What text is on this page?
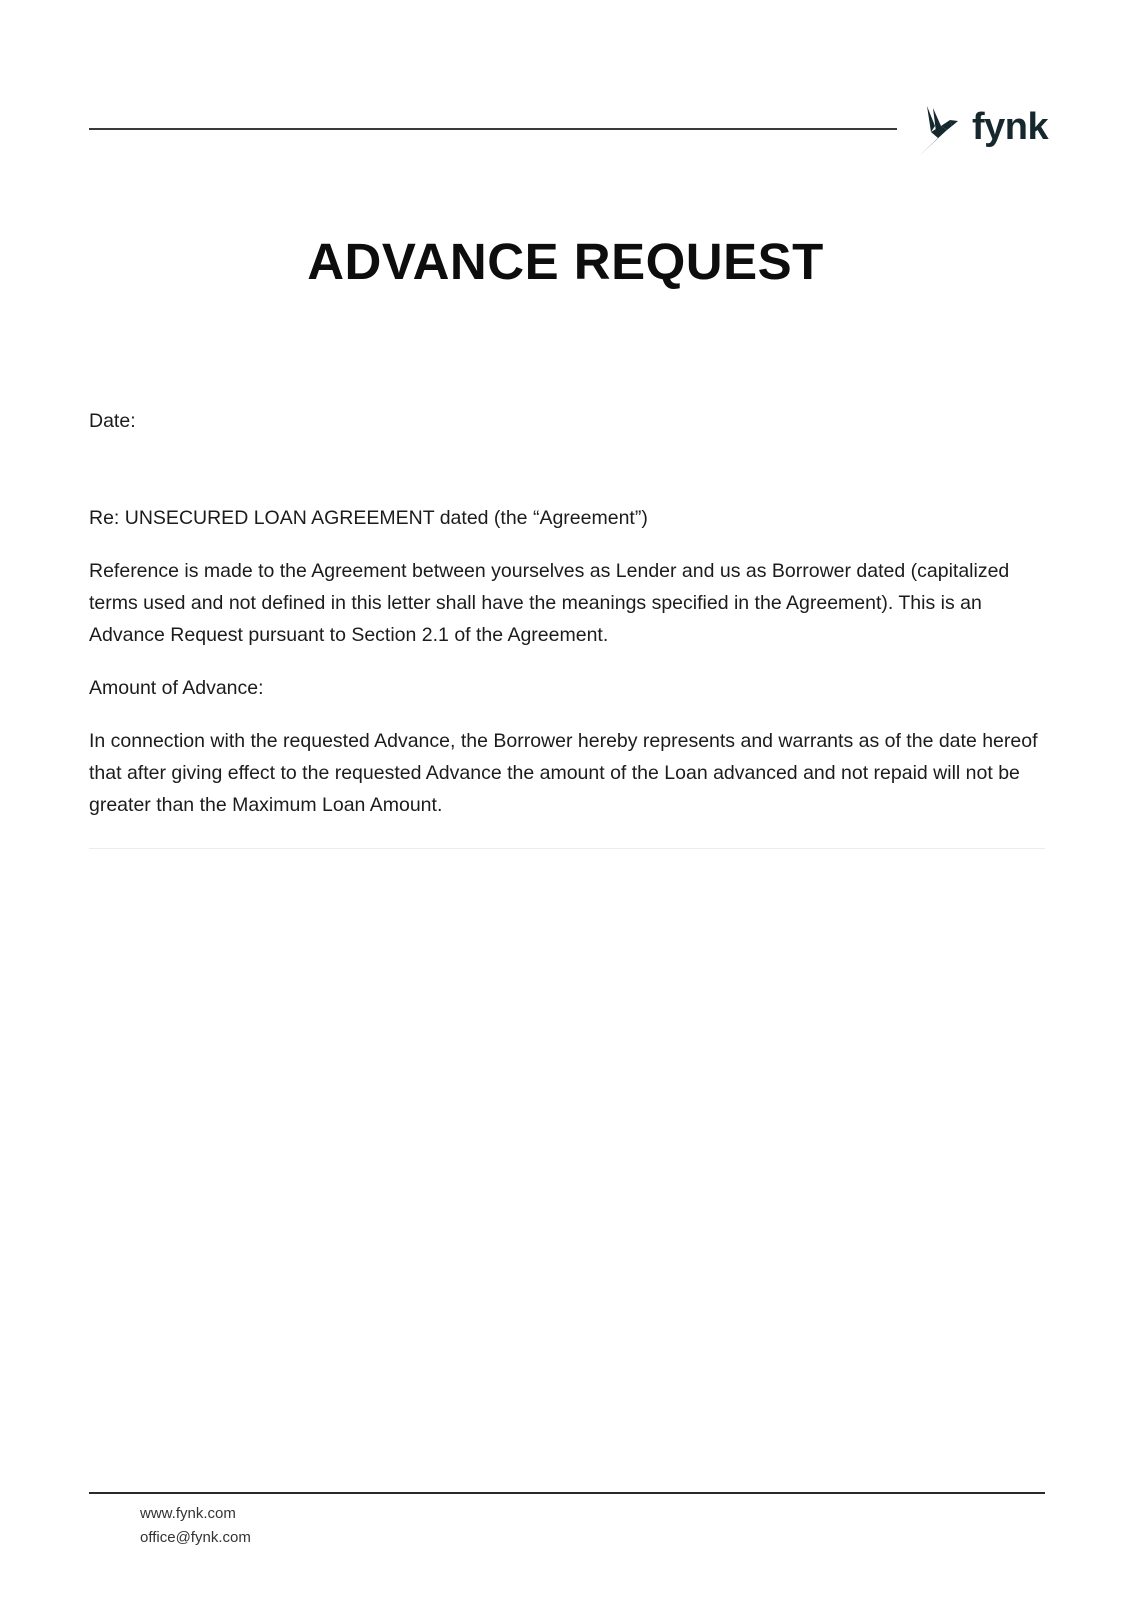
fynk
ADVANCE REQUEST

Date:

Re: UNSECURED LOAN AGREEMENT dated (the “Agreement”)

Reference is made to the Agreement between yourselves as Lender and us as Borrower dated (capitalized terms used and not defined in this letter shall have the meanings specified in the Agreement). This is an Advance Request pursuant to Section 2.1 of the Agreement.

Amount of Advance:

In connection with the requested Advance, the Borrower hereby represents and warrants as of the date hereof that after giving effect to the requested Advance the amount of the Loan advanced and not repaid will not be greater than the Maximum Loan Amount.

www.fynk.com
office@fynk.com
